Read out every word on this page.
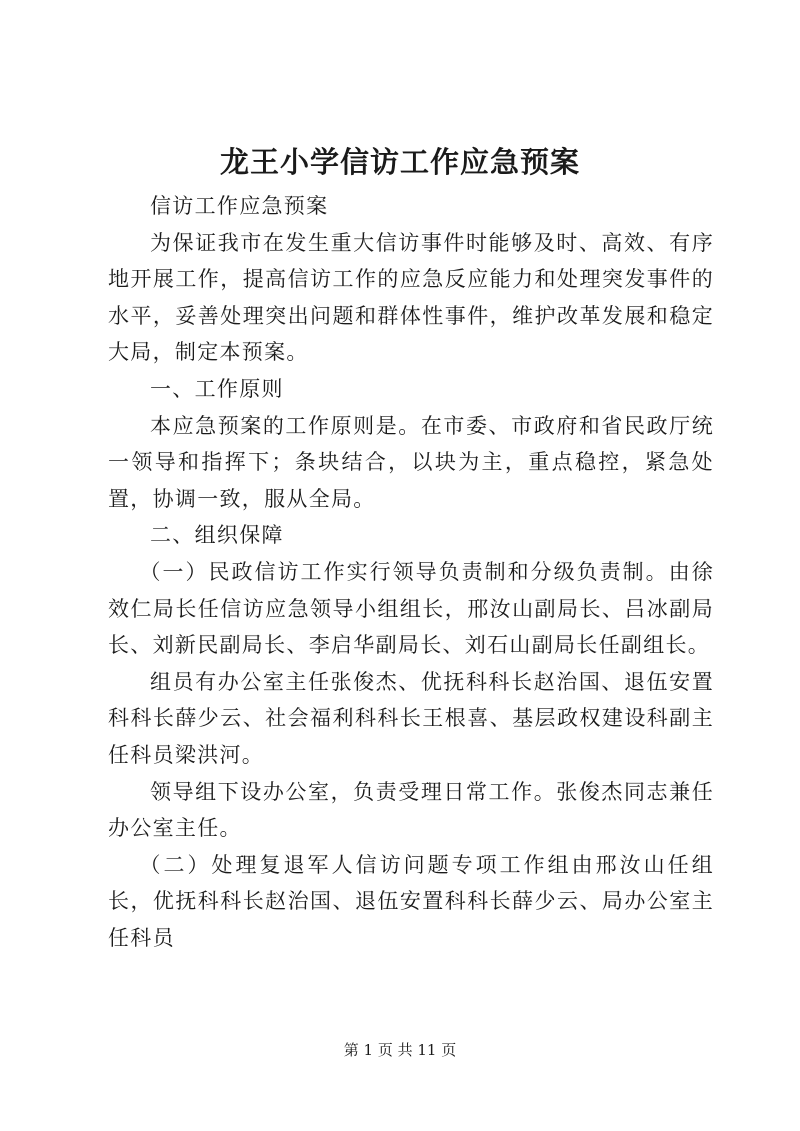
龙王小学信访工作应急预案

信访工作应急预案

为保证我市在发生重大信访事件时能够及时、高效、有序地开展工作，提高信访工作的应急反应能力和处理突发事件的水平，妥善处理突出问题和群体性事件，维护改革发展和稳定大局，制定本预案。

一、工作原则

本应急预案的工作原则是。在市委、市政府和省民政厅统一领导和指挥下；条块结合，以块为主，重点稳控，紧急处置，协调一致，服从全局。

二、组织保障

（一）民政信访工作实行领导负责制和分级负责制。由徐效仁局长任信访应急领导小组组长，邢汝山副局长、吕冰副局长、刘新民副局长、李启华副局长、刘石山副局长任副组长。

组员有办公室主任张俊杰、优抚科科长赵治国、退伍安置科科长薛少云、社会福利科科长王根喜、基层政权建设科副主任科员梁洪河。

领导组下设办公室，负责受理日常工作。张俊杰同志兼任办公室主任。

（二）处理复退军人信访问题专项工作组由邢汝山任组长，优抚科科长赵治国、退伍安置科科长薛少云、局办公室主任科员

第 1 页 共 11 页
